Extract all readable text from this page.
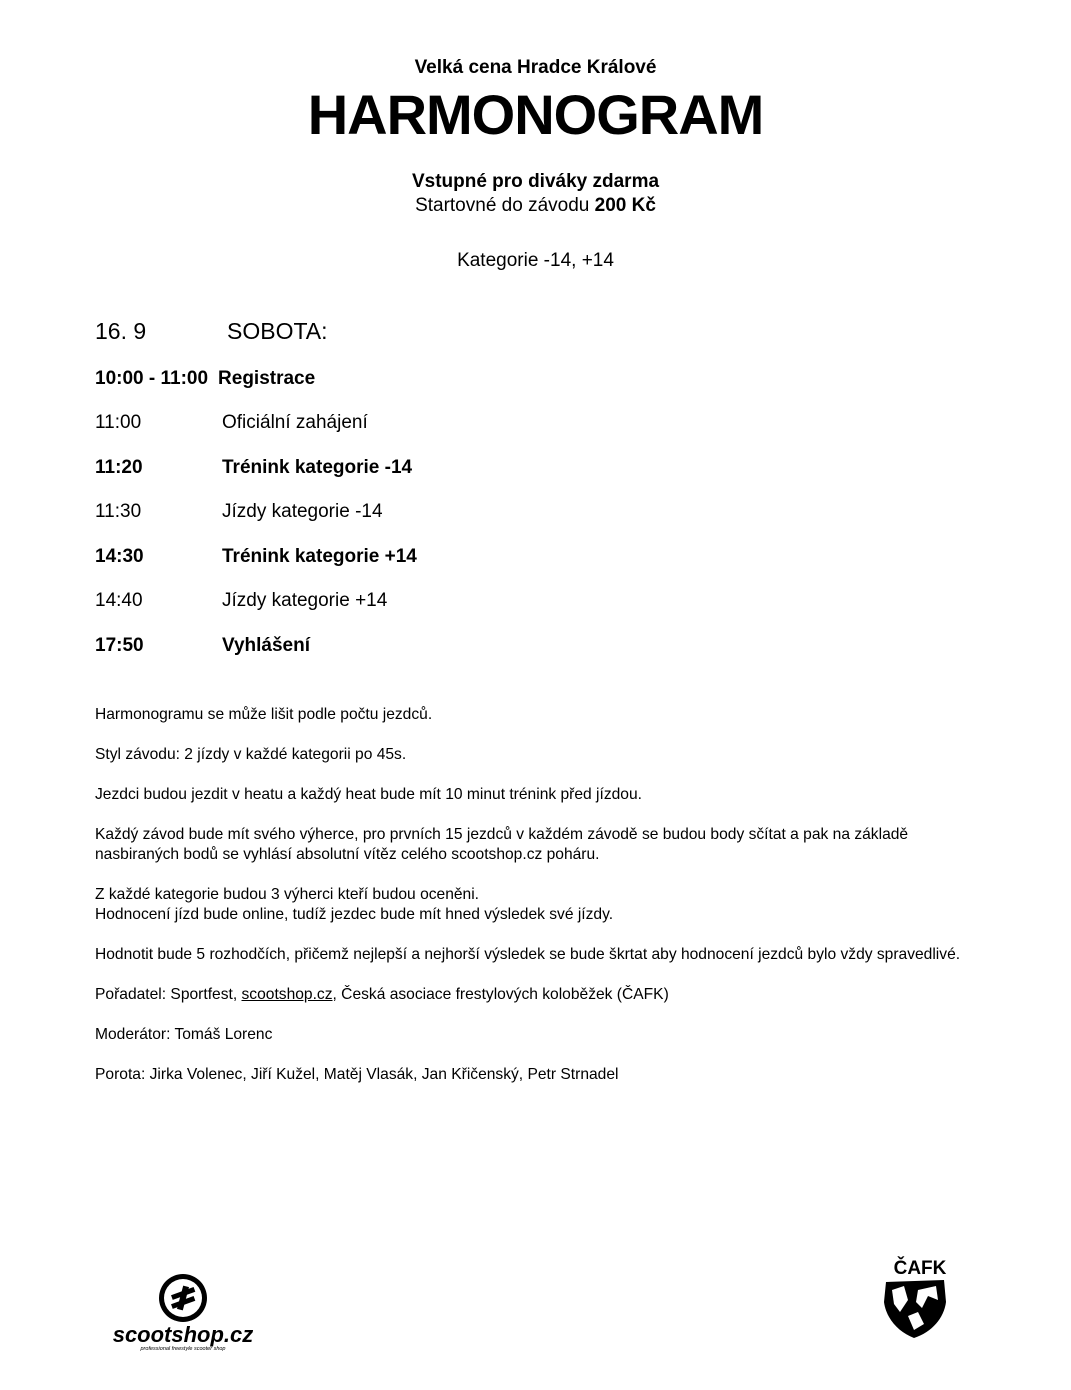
Velká cena Hradce Králové
HARMONOGRAM
Vstupné pro diváky zdarma
Startovné do závodu 200 Kč
Kategorie -14, +14
16. 9	SOBOTA:
10:00 - 11:00 Registrace
11:00	Oficiální zahájení
11:20	Trénink kategorie -14
11:30	Jízdy kategorie -14
14:30	Trénink kategorie +14
14:40	Jízdy kategorie +14
17:50	Vyhlášení

Harmonogramu se může lišit podle počtu jezdců.

Styl závodu: 2 jízdy v každé kategorii po 45s.

Jezdci budou jezdit v heatu a každý heat bude mít 10 minut trénink před jízdou.

Každý závod bude mít svého výherce, pro prvních 15 jezdců v každém závodě se budou body sčítat a pak na základě nasbiraných bodů se vyhlásí absolutní vítěz celého scootshop.cz poháru.

Z každé kategorie budou 3 výherci kteří budou oceněni.
Hodnocení jízd bude online, tudíž jezdec bude mít hned výsledek své jízdy.

Hodnotit bude 5 rozhodčích, přičemž nejlepší a nejhorší výsledek se bude škrtat aby hodnocení jezdců bylo vždy spravedlivé.

Pořadatel: Sportfest, scootshop.cz, Česká asociace frestylových koloběžek (ČAFK)

Moderátor: Tomáš Lorenc

Porota: Jirka Volenec, Jiří Kužel, Matěj Vlasák, Jan Křičenský, Petr Strnadel

scootshop.cz
professional freestyle scooter shop
ČAFK
